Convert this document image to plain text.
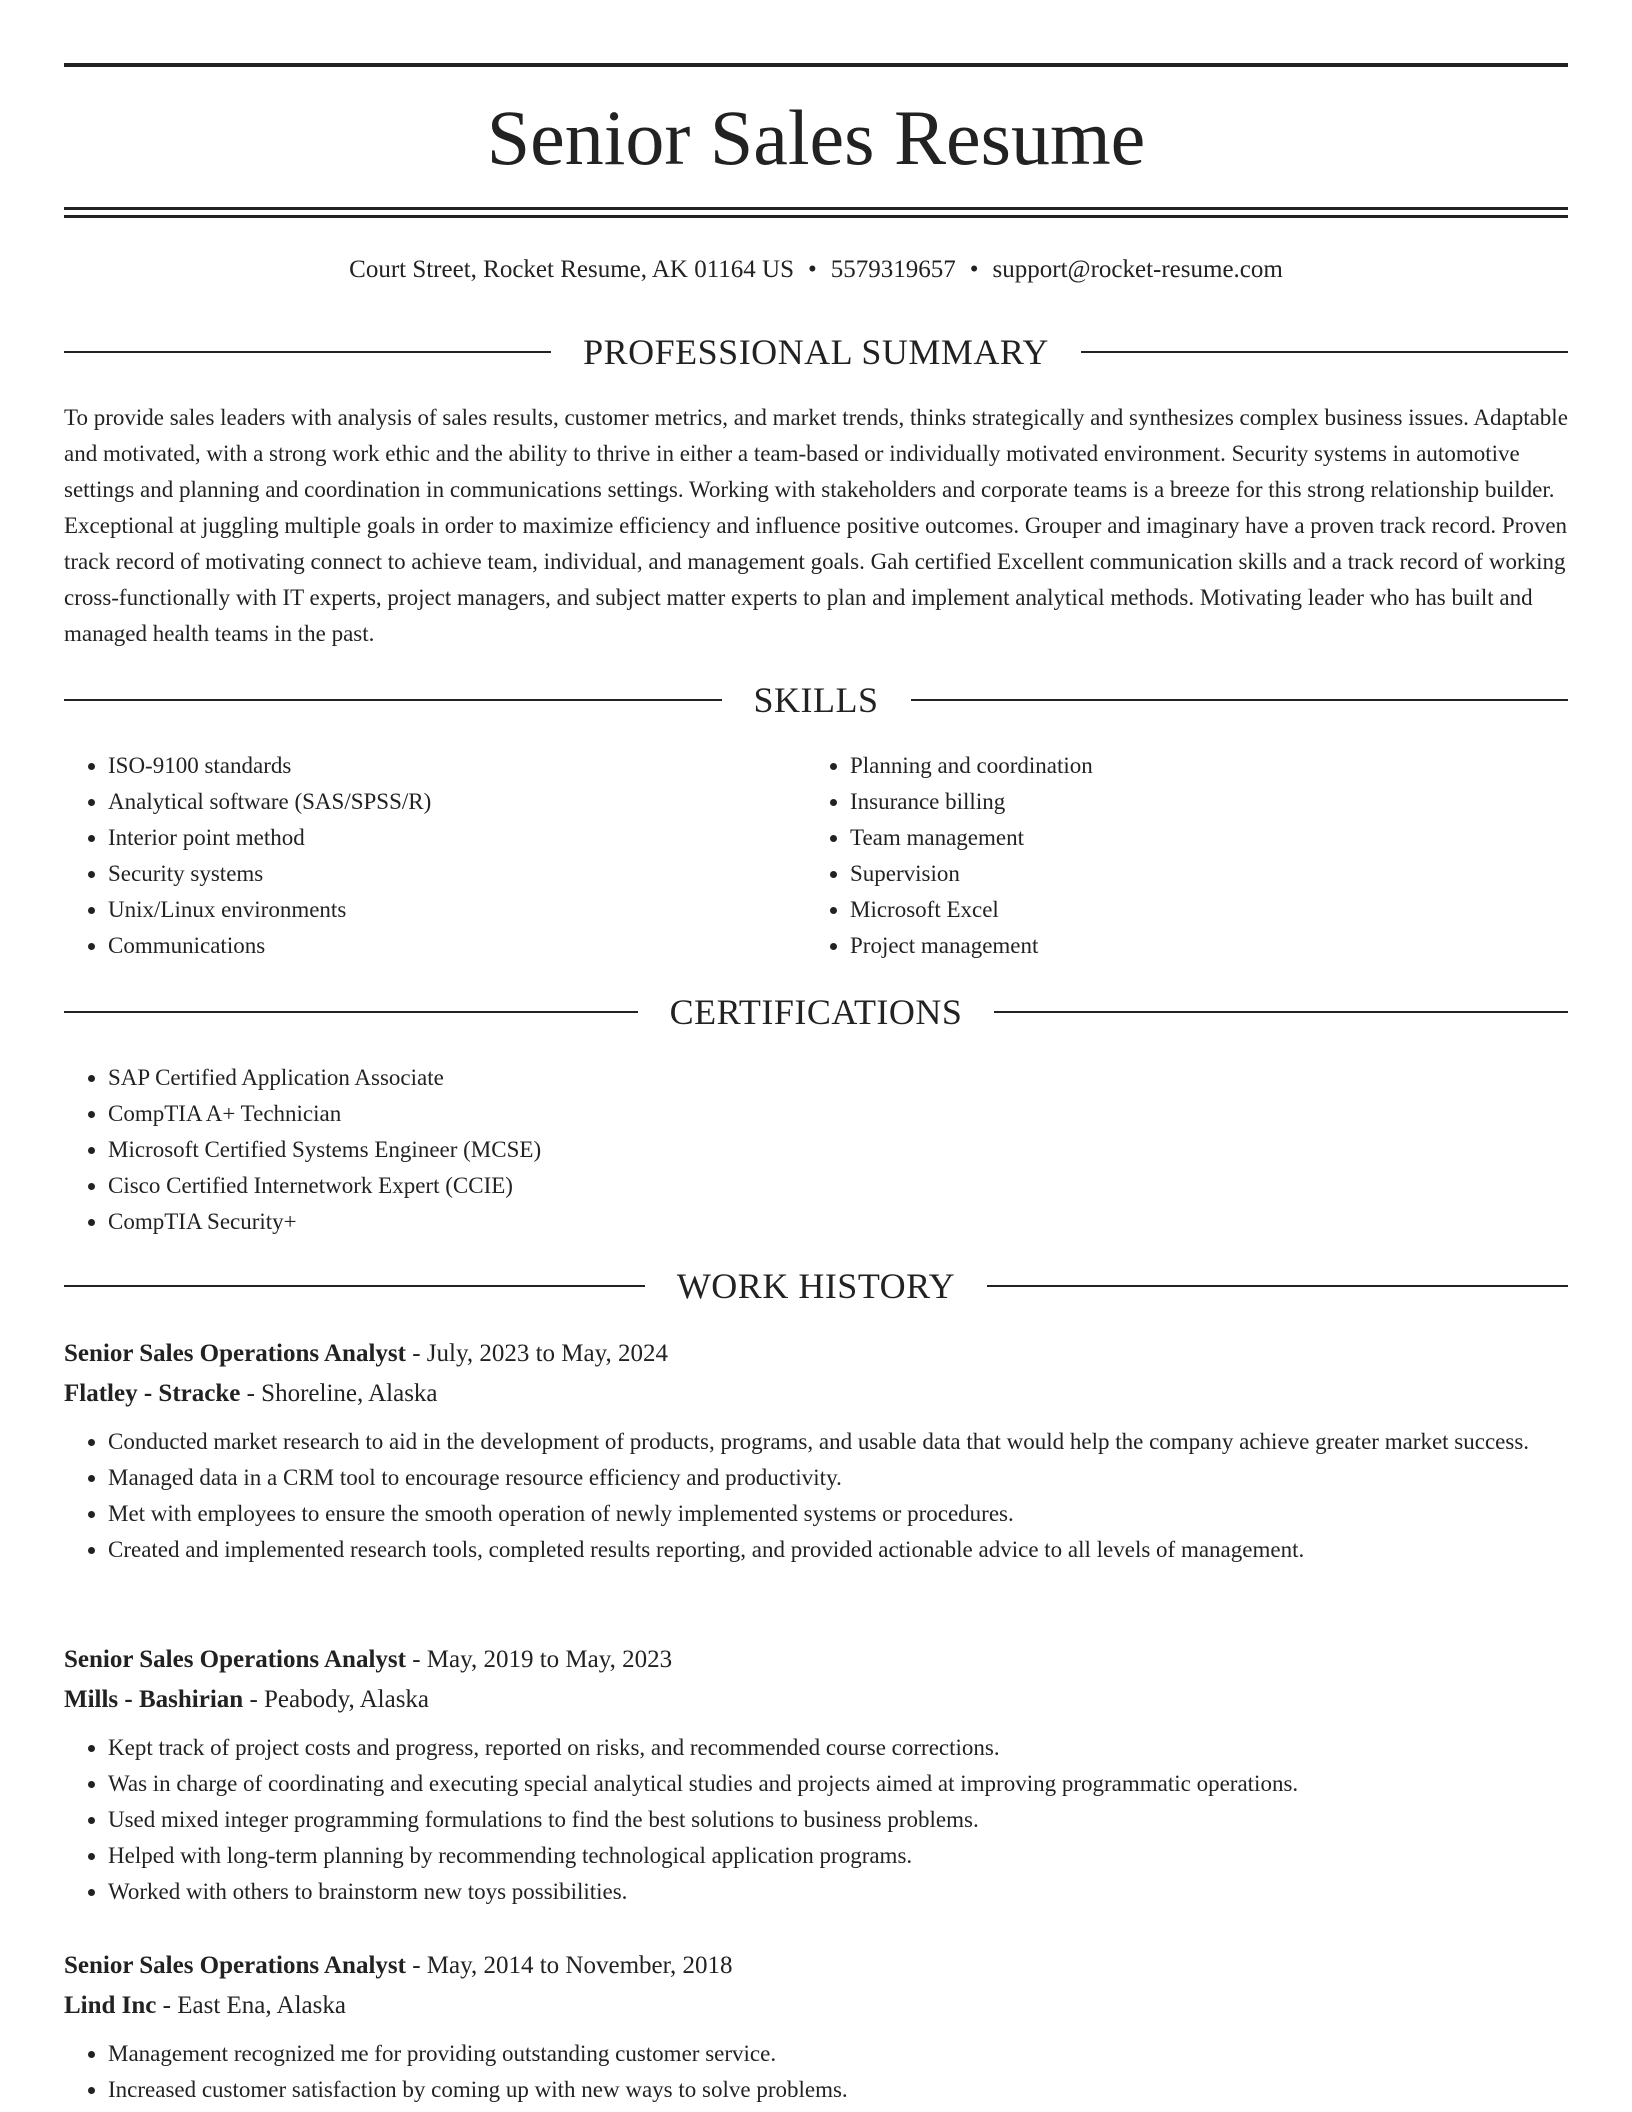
Senior Sales Resume
Court Street, Rocket Resume, AK 01164 US • 5579319657 • support@rocket-resume.com
PROFESSIONAL SUMMARY

To provide sales leaders with analysis of sales results, customer metrics, and market trends, thinks strategically and synthesizes complex business issues. Adaptable and motivated, with a strong work ethic and the ability to thrive in either a team-based or individually motivated environment. Security systems in automotive settings and planning and coordination in communications settings. Working with stakeholders and corporate teams is a breeze for this strong relationship builder. Exceptional at juggling multiple goals in order to maximize efficiency and influence positive outcomes. Grouper and imaginary have a proven track record. Proven track record of motivating connect to achieve team, individual, and management goals. Gah certified Excellent communication skills and a track record of working cross-functionally with IT experts, project managers, and subject matter experts to plan and implement analytical methods. Motivating leader who has built and managed health teams in the past.

SKILLS
• ISO-9100 standards
• Analytical software (SAS/SPSS/R)
• Interior point method
• Security systems
• Unix/Linux environments
• Communications
• Planning and coordination
• Insurance billing
• Team management
• Supervision
• Microsoft Excel
• Project management
CERTIFICATIONS
• SAP Certified Application Associate
• CompTIA A+ Technician
• Microsoft Certified Systems Engineer (MCSE)
• Cisco Certified Internetwork Expert (CCIE)
• CompTIA Security+
WORK HISTORY
Senior Sales Operations Analyst - July, 2023 to May, 2024
Flatley - Stracke - Shoreline, Alaska
• Conducted market research to aid in the development of products, programs, and usable data that would help the company achieve greater market success.
• Managed data in a CRM tool to encourage resource efficiency and productivity.
• Met with employees to ensure the smooth operation of newly implemented systems or procedures.
• Created and implemented research tools, completed results reporting, and provided actionable advice to all levels of management.
Senior Sales Operations Analyst - May, 2019 to May, 2023
Mills - Bashirian - Peabody, Alaska
• Kept track of project costs and progress, reported on risks, and recommended course corrections.
• Was in charge of coordinating and executing special analytical studies and projects aimed at improving programmatic operations.
• Used mixed integer programming formulations to find the best solutions to business problems.
• Helped with long-term planning by recommending technological application programs.
• Worked with others to brainstorm new toys possibilities.
Senior Sales Operations Analyst - May, 2014 to November, 2018
Lind Inc - East Ena, Alaska
• Management recognized me for providing outstanding customer service.
• Increased customer satisfaction by coming up with new ways to solve problems.
